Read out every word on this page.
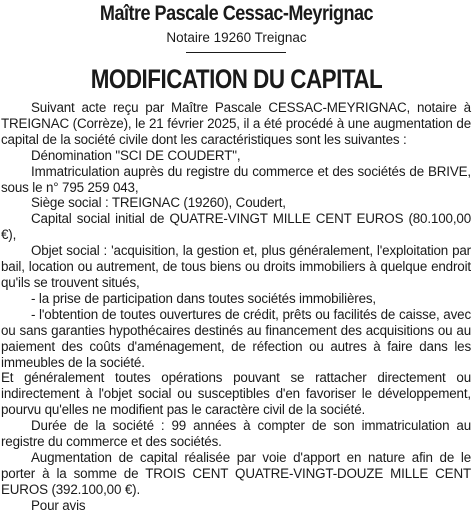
Maître Pascale Cessac-Meyrignac
Notaire 19260 Treignac
MODIFICATION DU CAPITAL

Suivant acte reçu par Maître Pascale CESSAC-MEYRIGNAC, notaire à TREIGNAC (Corrèze), le 21 février 2025, il a été procédé à une augmentation de capital de la société civile dont les caractéristiques sont les suivantes :

Dénomination "SCI DE COUDERT",

Immatriculation auprès du registre du commerce et des sociétés de BRIVE, sous le n° 795 259 043,

Siège social : TREIGNAC (19260), Coudert,

Capital social initial de QUATRE-VINGT MILLE CENT EUROS (80.100,00 €),

Objet social : 'acquisition, la gestion et, plus généralement, l'exploitation par bail, location ou autrement, de tous biens ou droits immobiliers à quelque endroit qu'ils se trouvent situés,

- la prise de participation dans toutes sociétés immobilières,

- l'obtention de toutes ouvertures de crédit, prêts ou facilités de caisse, avec ou sans garanties hypothécaires destinés au financement des acquisitions ou au paiement des coûts d'aménagement, de réfection ou autres à faire dans les immeubles de la société.

Et généralement toutes opérations pouvant se rattacher directement ou indirectement à l'objet social ou susceptibles d'en favoriser le développement, pourvu qu'elles ne modifient pas le caractère civil de la société.

Durée de la société : 99 années à compter de son immatriculation au registre du commerce et des sociétés.

Augmentation de capital réalisée par voie d'apport en nature afin de le porter à la somme de TROIS CENT QUATRE-VINGT-DOUZE MILLE CENT EUROS (392.100,00 €).

Pour avis
